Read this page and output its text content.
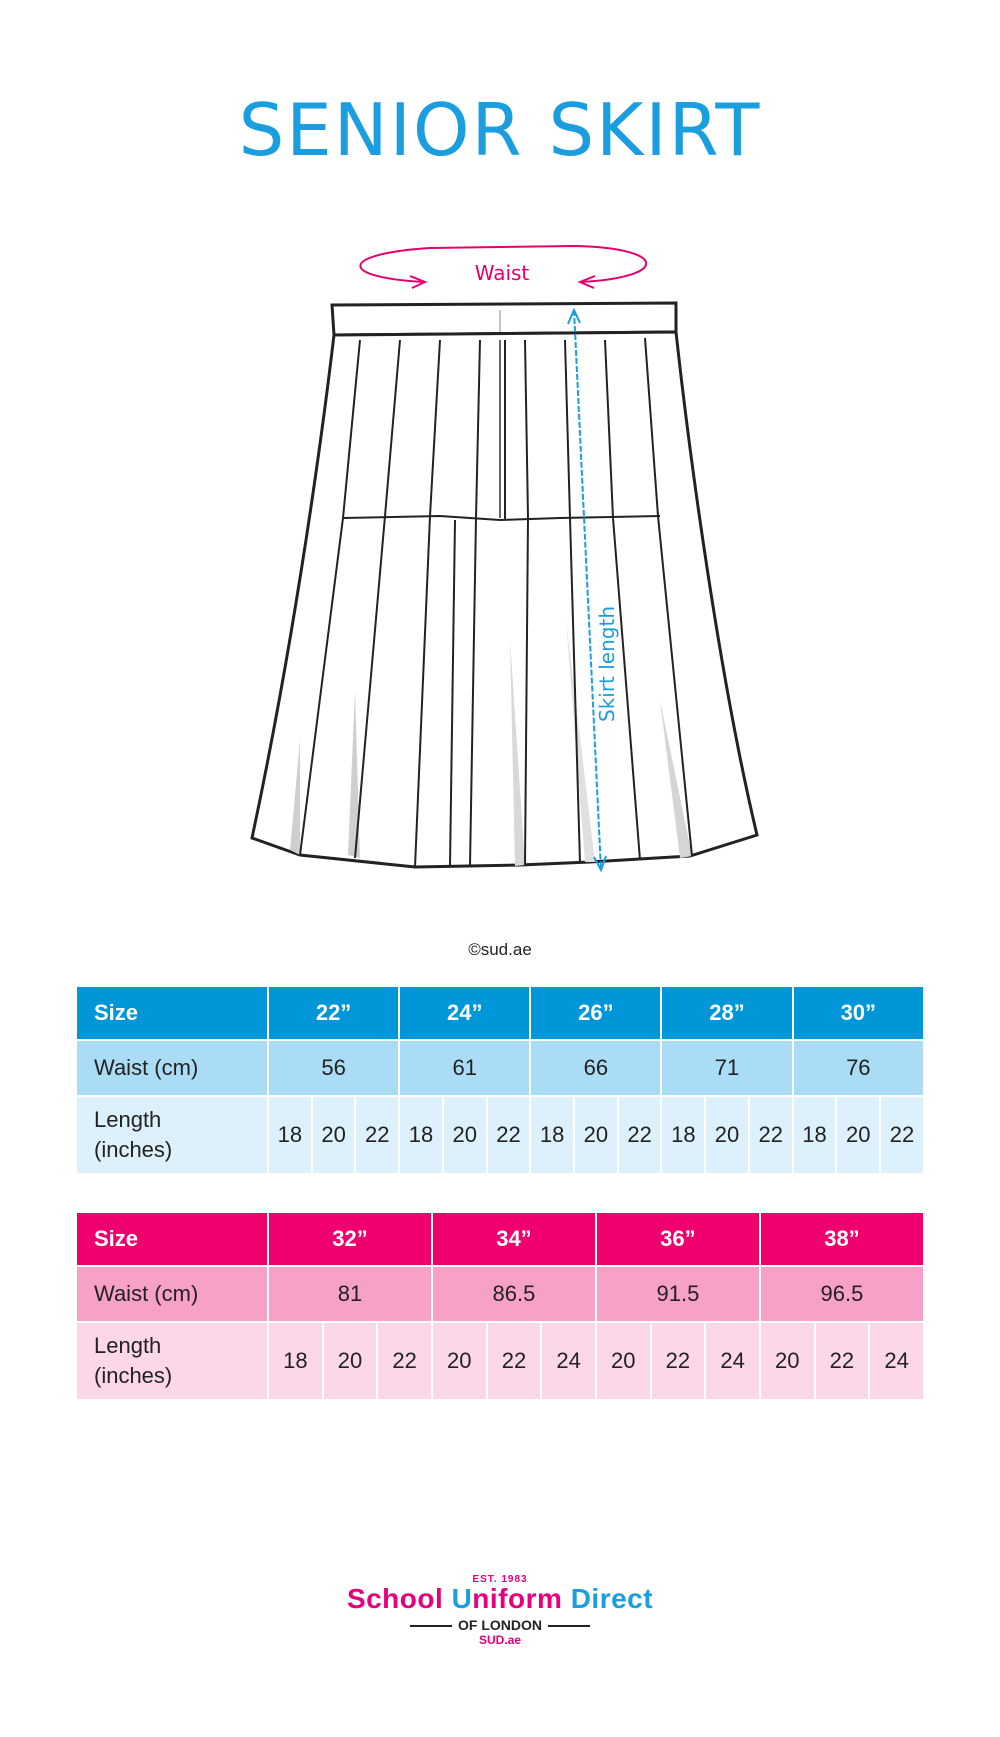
SENIOR SKIRT
Waist
Skirt length
©sud.ae
Size	22”			24”			26”			28”			30”		
Waist (cm)	56			61			66			71			76		
Length
(inches)	18	20	22	18	20	22	18	20	22	18	20	22	18	20	22
Size	32”			34”			36”			38”		
Waist (cm)	81			86.5			91.5			96.5		
Length
(inches)	18	20	22	20	22	24	20	22	24	20	22	24
EST. 1983
School Uniform Direct
OF LONDON
SUD.ae
